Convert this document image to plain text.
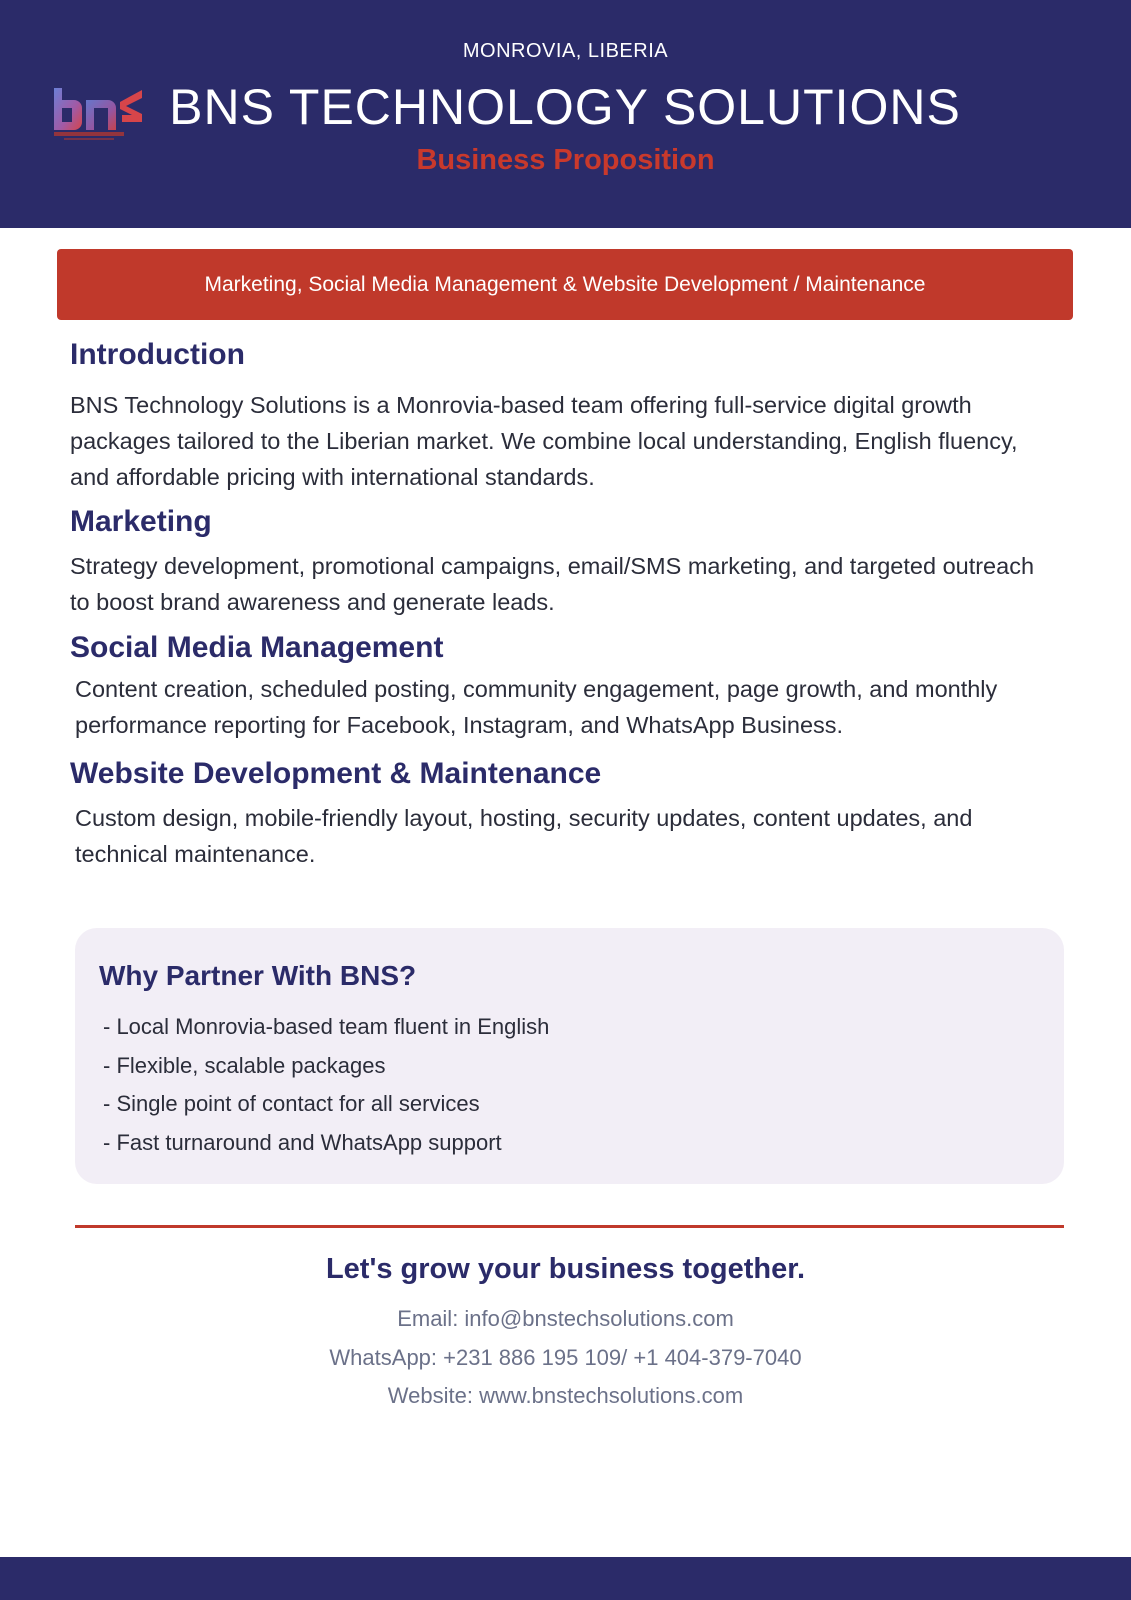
MONROVIA, LIBERIA
BNS TECHNOLOGY SOLUTIONS
Business Proposition
Marketing, Social Media Management & Website Development / Maintenance
Introduction
BNS Technology Solutions is a Monrovia-based team offering full-service digital growth packages tailored to the Liberian market. We combine local understanding, English fluency, and affordable pricing with international standards.
Marketing
Strategy development, promotional campaigns, email/SMS marketing, and targeted outreach to boost brand awareness and generate leads.
Social Media Management
Content creation, scheduled posting, community engagement, page growth, and monthly performance reporting for Facebook, Instagram, and WhatsApp Business.
Website Development & Maintenance
Custom design, mobile-friendly layout, hosting, security updates, content updates, and technical maintenance.
Why Partner With BNS?
- Local Monrovia-based team fluent in English
- Flexible, scalable packages
- Single point of contact for all services
- Fast turnaround and WhatsApp support
Let's grow your business together.
Email: info@bnstechsolutions.com
WhatsApp: +231 886 195 109/ +1 404-379-7040
Website: www.bnstechsolutions.com
